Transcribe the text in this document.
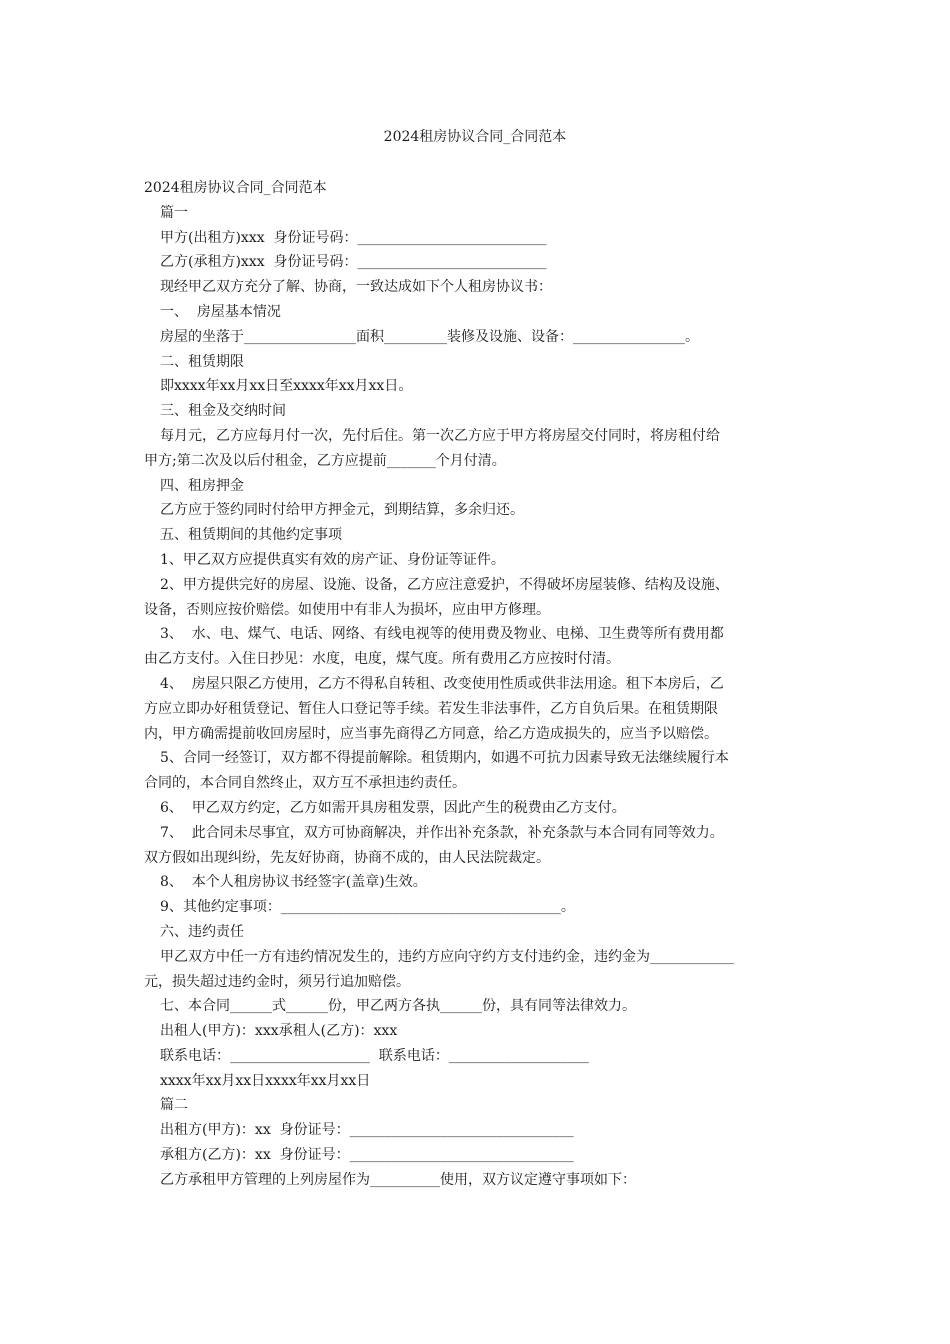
2024租房协议合同_合同范本

2024租房协议合同_合同范本

篇一

甲方(出租方)xxx  身份证号码：___________________________

乙方(承租方)xxx  身份证号码：___________________________

现经甲乙双方充分了解、协商，一致达成如下个人租房协议书：

一、  房屋基本情况

房屋的坐落于________________面积_________装修及设施、设备：________________。

二、租赁期限

即xxxx年xx月xx日至xxxx年xx月xx日。

三、租金及交纳时间

每月元，乙方应每月付一次，先付后住。第一次乙方应于甲方将房屋交付同时，将房租付给

甲方;第二次及以后付租金，乙方应提前_______个月付清。

四、租房押金

乙方应于签约同时付给甲方押金元，到期结算，多余归还。

五、租赁期间的其他约定事项

1、甲乙双方应提供真实有效的房产证、身份证等证件。

2、甲方提供完好的房屋、设施、设备，乙方应注意爱护，不得破坏房屋装修、结构及设施、

设备，否则应按价赔偿。如使用中有非人为损坏，应由甲方修理。

3、  水、电、煤气、电话、网络、有线电视等的使用费及物业、电梯、卫生费等所有费用都

由乙方支付。入住日抄见：水度，电度，煤气度。所有费用乙方应按时付清。

4、  房屋只限乙方使用，乙方不得私自转租、改变使用性质或供非法用途。租下本房后，乙

方应立即办好租赁登记、暂住人口登记等手续。若发生非法事件，乙方自负后果。在租赁期限

内，甲方确需提前收回房屋时，应当事先商得乙方同意，给乙方造成损失的，应当予以赔偿。

5、合同一经签订，双方都不得提前解除。租赁期内，如遇不可抗力因素导致无法继续履行本

合同的，本合同自然终止，双方互不承担违约责任。

6、  甲乙双方约定，乙方如需开具房租发票，因此产生的税费由乙方支付。

7、  此合同未尽事宜，双方可协商解决，并作出补充条款，补充条款与本合同有同等效力。

双方假如出现纠纷，先友好协商，协商不成的，由人民法院裁定。

8、  本个人租房协议书经签字(盖章)生效。

9、其他约定事项：________________________________________。

六、违约责任

甲乙双方中任一方有违约情况发生的，违约方应向守约方支付违约金，违约金为____________

元，损失超过违约金时，须另行追加赔偿。

七、本合同______式______份，甲乙两方各执______份，具有同等法律效力。

出租人(甲方)：xxx承租人(乙方)：xxx

联系电话：____________________  联系电话：____________________

xxxx年xx月xx日xxxx年xx月xx日

篇二

出租方(甲方)：xx  身份证号：________________________________

承租方(乙方)：xx  身份证号：________________________________

乙方承租甲方管理的上列房屋作为__________使用，双方议定遵守事项如下：
